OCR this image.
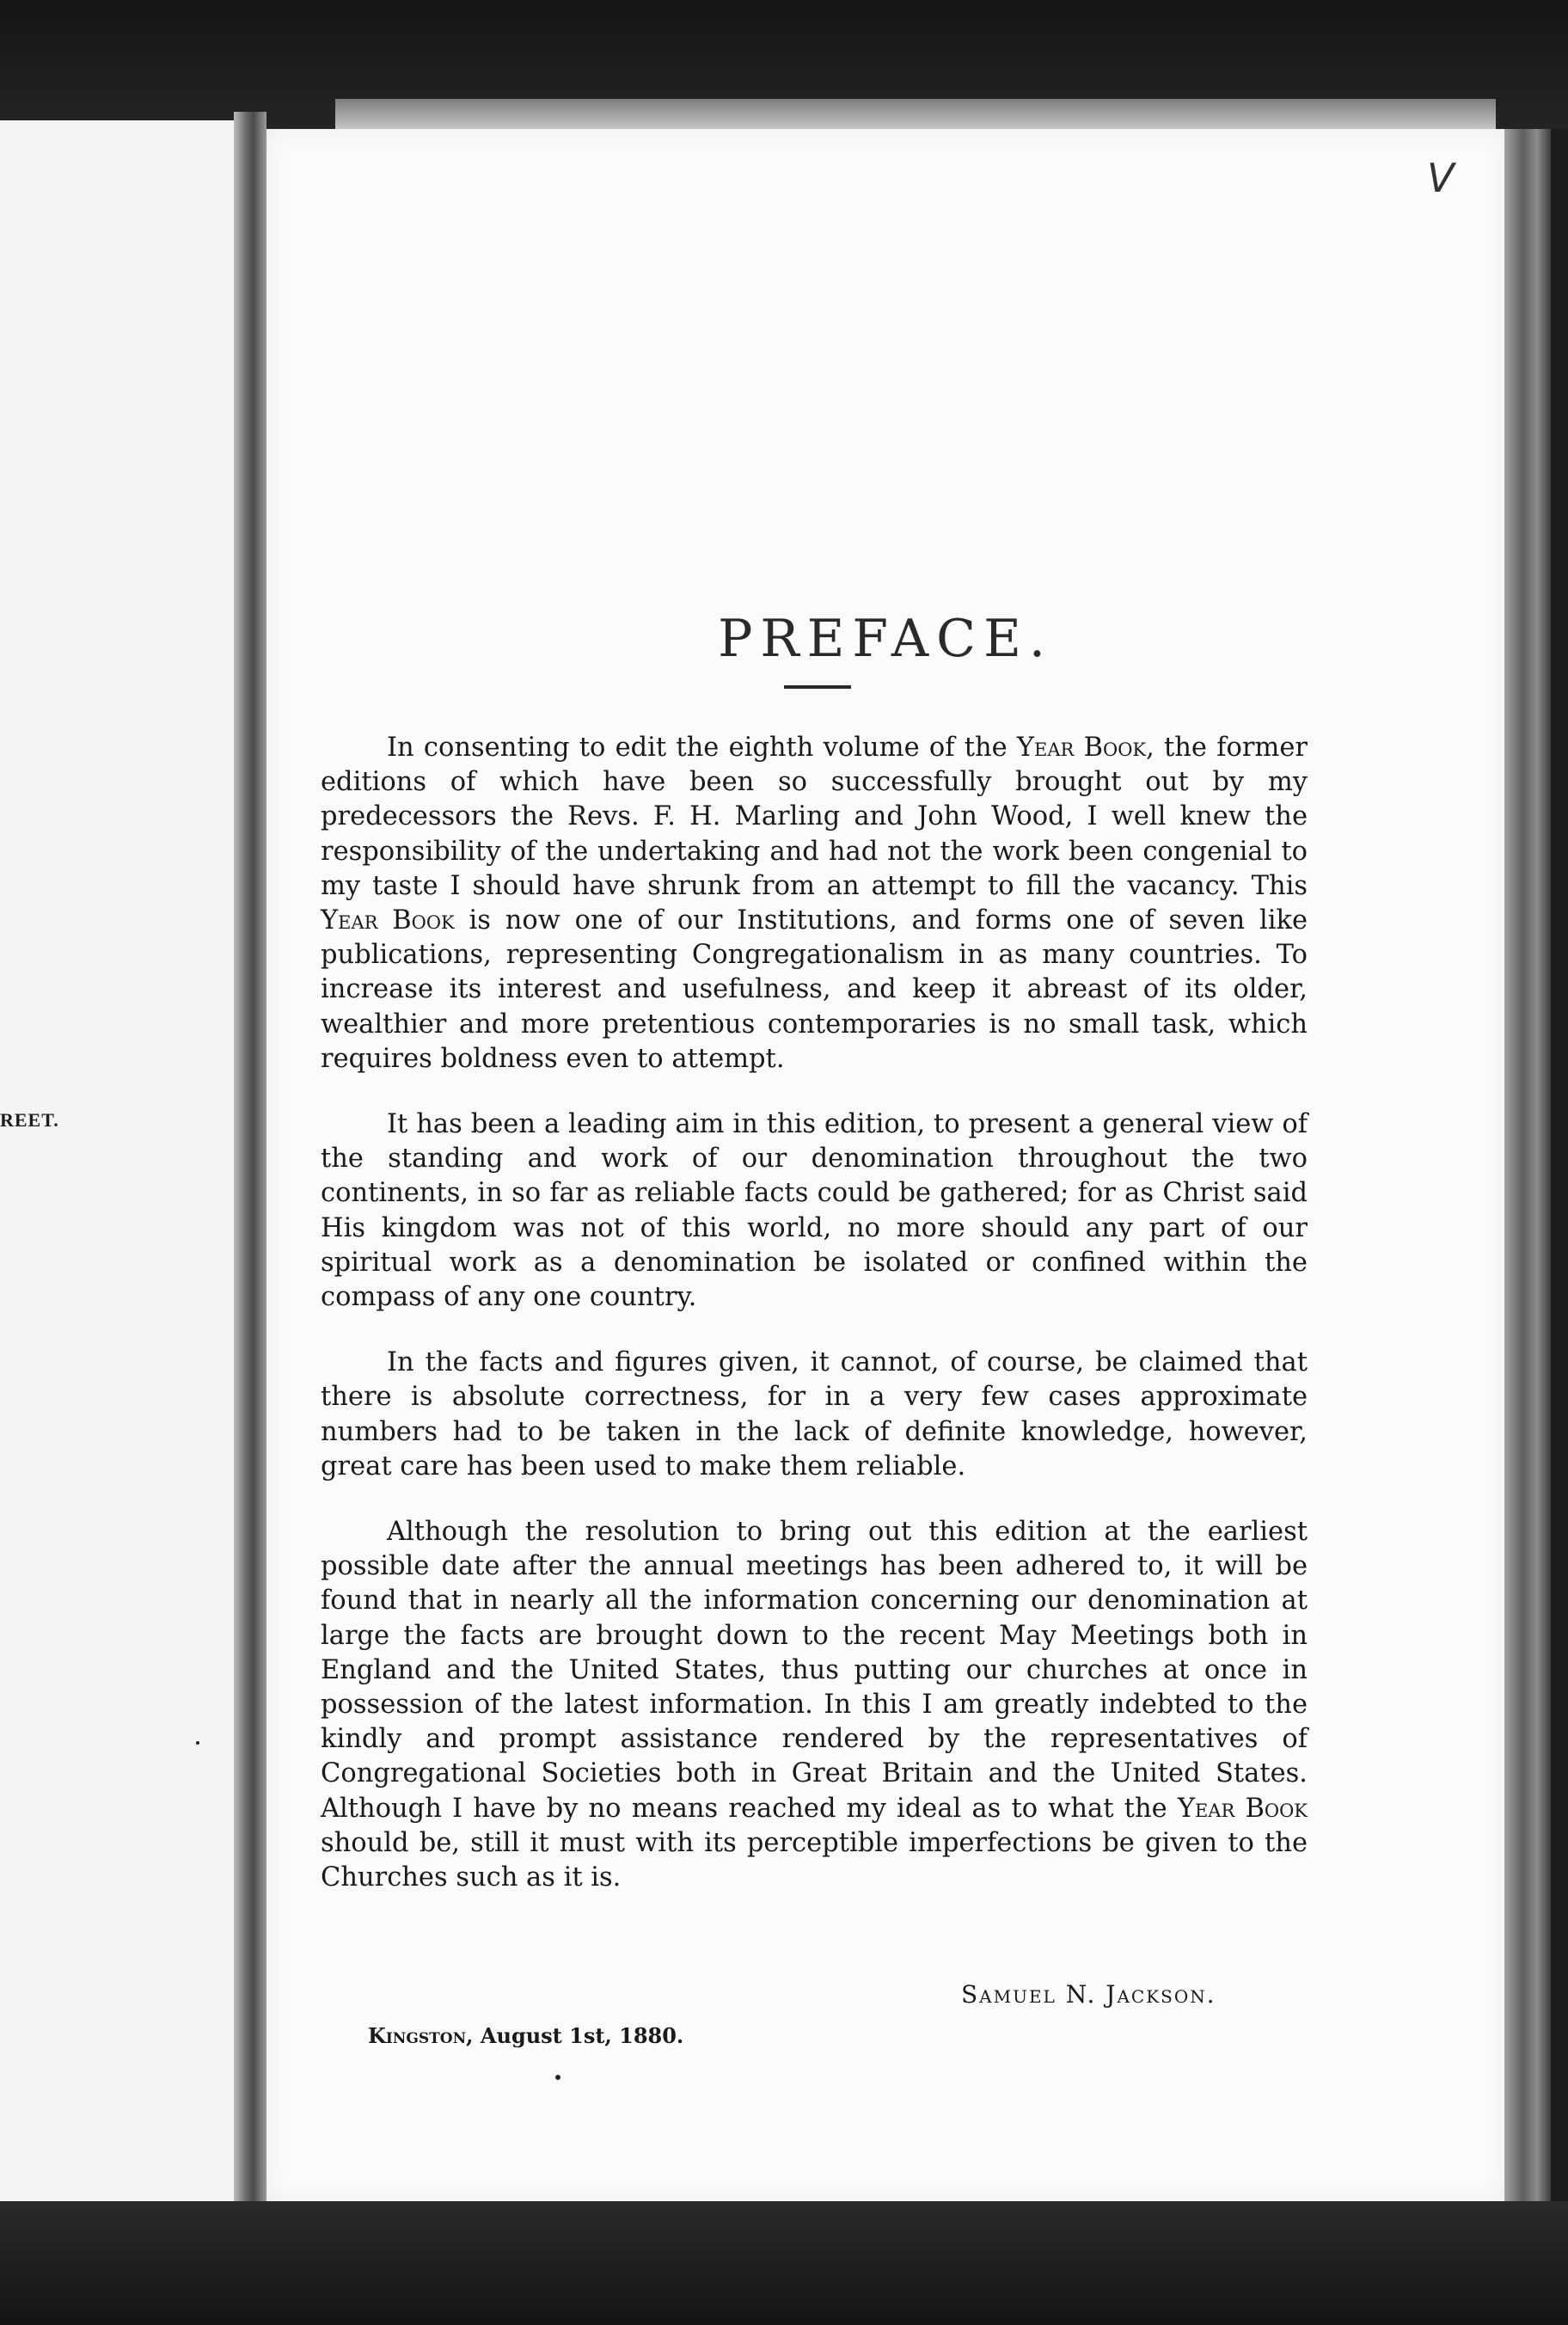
REET.
V
PREFACE.

In consenting to edit the eighth volume of the Year Book, the former editions of which have been so successfully brought out by my predecessors the Revs. F. H. Marling and John Wood, I well knew the responsibility of the undertaking and had not the work been congenial to my taste I should have shrunk from an attempt to fill the vacancy. This Year Book is now one of our Institutions, and forms one of seven like publications, representing Congregationalism in as many countries. To increase its interest and usefulness, and keep it abreast of its older, wealthier and more pretentious contemporaries is no small task, which requires boldness even to attempt.

It has been a leading aim in this edition, to present a general view of the standing and work of our denomination throughout the two continents, in so far as reliable facts could be gathered; for as Christ said His kingdom was not of this world, no more should any part of our spiritual work as a denomination be isolated or confined within the compass of any one country.

In the facts and figures given, it cannot, of course, be claimed that there is absolute correctness, for in a very few cases approximate numbers had to be taken in the lack of definite knowledge, however, great care has been used to make them reliable.

Although the resolution to bring out this edition at the earliest possible date after the annual meetings has been adhered to, it will be found that in nearly all the information concerning our denomination at large the facts are brought down to the recent May Meetings both in England and the United States, thus putting our churches at once in possession of the latest information. In this I am greatly indebted to the kindly and prompt assistance rendered by the representatives of Congregational Societies both in Great Britain and the United States. Although I have by no means reached my ideal as to what the Year Book should be, still it must with its perceptible imperfections be given to the Churches such as it is.

Samuel N. Jackson.
Kingston, August 1st, 1880.
